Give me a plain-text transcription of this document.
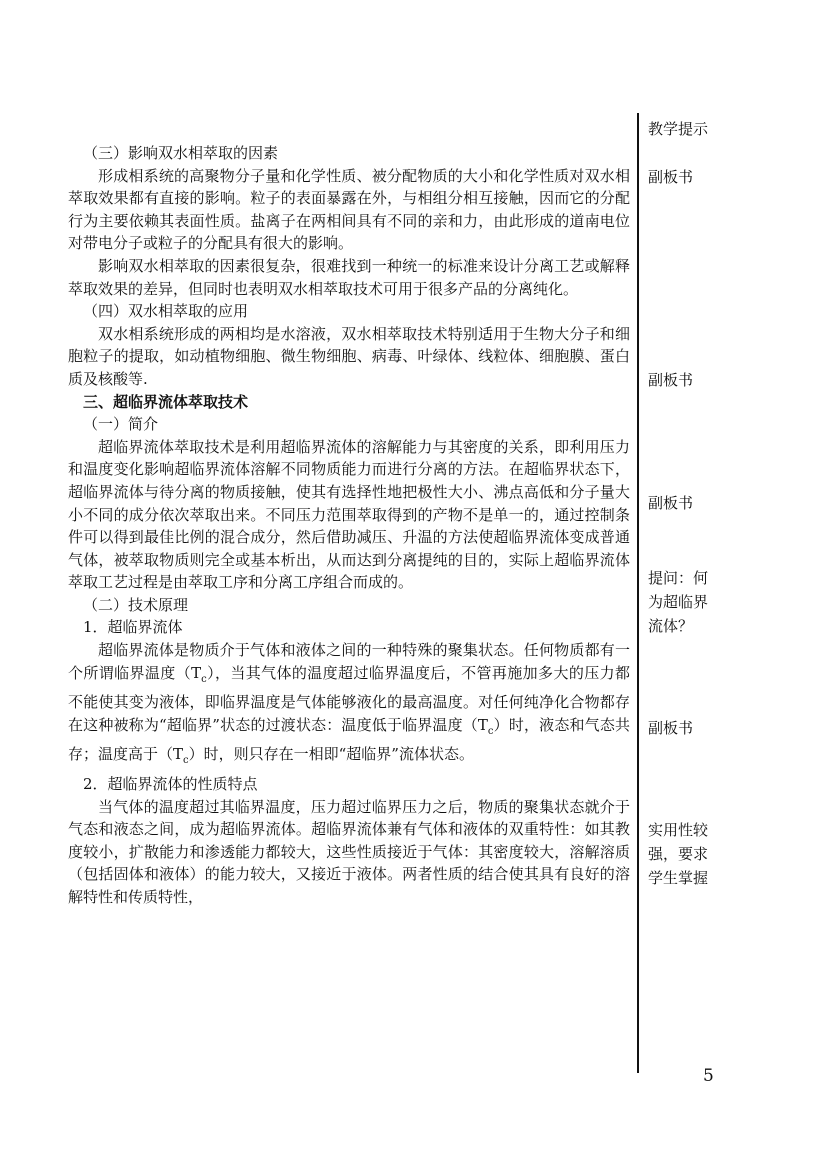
（三）影响双水相萃取的因素

形成相系统的高聚物分子量和化学性质、被分配物质的大小和化学性质对双水相萃取效果都有直接的影响。粒子的表面暴露在外，与相组分相互接触，因而它的分配行为主要依赖其表面性质。盐离子在两相间具有不同的亲和力，由此形成的道南电位对带电分子或粒子的分配具有很大的影响。

影响双水相萃取的因素很复杂，很难找到一种统一的标准来设计分离工艺或解释萃取效果的差异，但同时也表明双水相萃取技术可用于很多产品的分离纯化。

（四）双水相萃取的应用

双水相系统形成的两相均是水溶液，双水相萃取技术特别适用于生物大分子和细胞粒子的提取，如动植物细胞、微生物细胞、病毒、叶绿体、线粒体、细胞膜、蛋白质及核酸等.

三、超临界流体萃取技术

（一）简介

超临界流体萃取技术是利用超临界流体的溶解能力与其密度的关系，即利用压力和温度变化影响超临界流体溶解不同物质能力而进行分离的方法。在超临界状态下，超临界流体与待分离的物质接触，使其有选择性地把极性大小、沸点高低和分子量大小不同的成分依次萃取出来。不同压力范围萃取得到的产物不是单一的，通过控制条件可以得到最佳比例的混合成分，然后借助减压、升温的方法使超临界流体变成普通气体，被萃取物质则完全或基本析出，从而达到分离提纯的目的，实际上超临界流体萃取工艺过程是由萃取工序和分离工序组合而成的。

（二）技术原理

1．超临界流体

超临界流体是物质介于气体和液体之间的一种特殊的聚集状态。任何物质都有一个所谓临界温度$(T_c)$，当其气体的温度超过临界温度后，不管再施加多大的压力都不能使其变为液体，即临界温度是气体能够液化的最高温度。对任何纯净化合物都存在这种被称为“超临界”状态的过渡状态：温度低于临界温度$(T_c)$时，液态和气态共存；温度高于$(T_c)$时，则只存在一相即“超临界”流体状态。

2．超临界流体的性质特点

当气体的温度超过其临界温度，压力超过临界压力之后，物质的聚集状态就介于气态和液态之间，成为超临界流体。超临界流体兼有气体和液体的双重特性：如其教度较小，扩散能力和渗透能力都较大，这些性质接近于气体：其密度较大，溶解溶质（包括固体和液体）的能力较大，又接近于液体。两者性质的结合使其具有良好的溶解特性和传质特性，

教学提示
副板书
副板书
副板书
提问：何为超临界流体？
副板书
实用性较强，要求学生掌握
5
